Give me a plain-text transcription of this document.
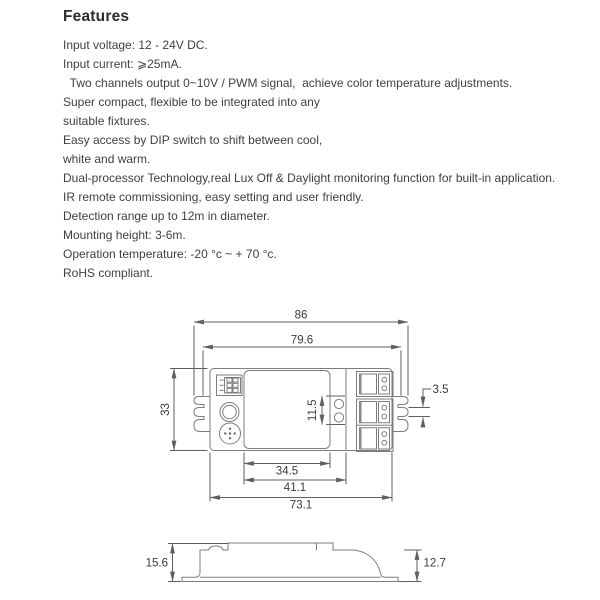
Features
Input voltage: 12 - 24V DC.
Input current: ⩾25mA.
Two channels output 0~10V / PWM signal,  achieve color temperature adjustments.
Super compact, flexible to be integrated into any
suitable fixtures.
Easy access by DIP switch to shift between cool,
white and warm.
Dual-processor Technology,real Lux Off & Daylight monitoring function for built-in application.
IR remote commissioning, easy setting and user friendly.
Detection range up to 12m in diameter.
Mounting height: 3-6m.
Operation temperature: -20 °c ~ + 70 °c.
RoHS compliant.
86
79.6
33	11.5
3.5
34.5
41.1
73.1
15.6	12.7
